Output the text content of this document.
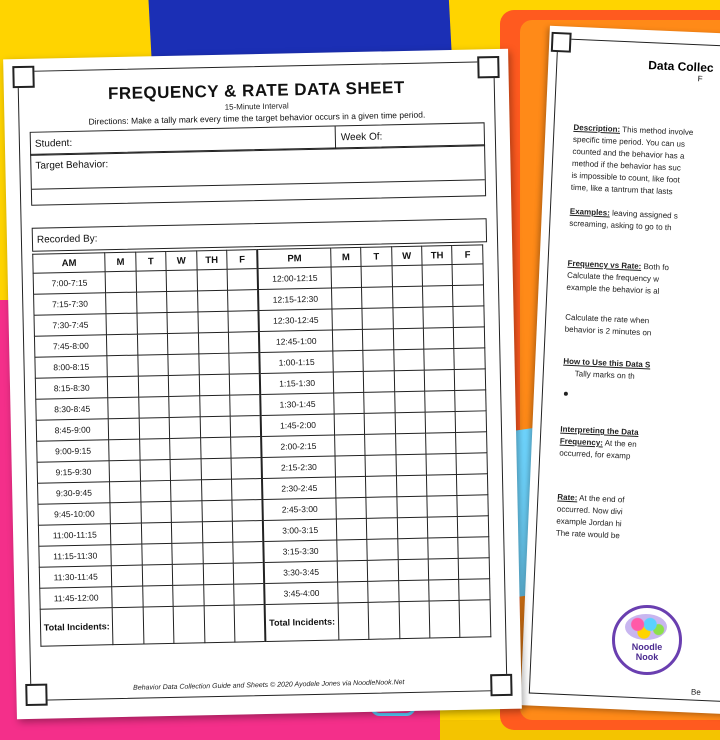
Data Collec
F
Description: This method involve
specific time period. You can us
counted and the behavior has a
method if the behavior has suc
is impossible to count, like foot
time, like a tantrum that lasts
Examples: leaving assigned s
screaming, asking to go to th
Frequency vs Rate: Both fo
Calculate the frequency w
example the behavior is al
Calculate the rate when
behavior is 2 minutes on
How to Use this Data S
Tally marks on th
Interpreting the Data
Frequency: At the en
occurred, for examp
Rate: At the end of
occurred. Now divi
example Jordan hi
The rate would be
Be
FREQUENCY & RATE DATA SHEET
15-Minute Interval
Directions: Make a tally mark every time the target behavior occurs in a given time period.
Student:
Week Of:
Target Behavior:
Recorded By:
AM	M	T	W	TH	F	PM	M	T	W	TH	F
7:00-7:15						12:00-12:15					
7:15-7:30						12:15-12:30					
7:30-7:45						12:30-12:45					
7:45-8:00						12:45-1:00					
8:00-8:15						1:00-1:15					
8:15-8:30						1:15-1:30					
8:30-8:45						1:30-1:45					
8:45-9:00						1:45-2:00					
9:00-9:15						2:00-2:15					
9:15-9:30						2:15-2:30					
9:30-9:45						2:30-2:45					
9:45-10:00						2:45-3:00					
11:00-11:15						3:00-3:15					
11:15-11:30						3:15-3:30					
11:30-11:45						3:30-3:45					
11:45-12:00						3:45-4:00					
Total Incidents:						Total Incidents:					
Behavior Data Collection Guide and Sheets © 2020 Ayodele Jones via NoodleNook.Net
Noodle
Nook
